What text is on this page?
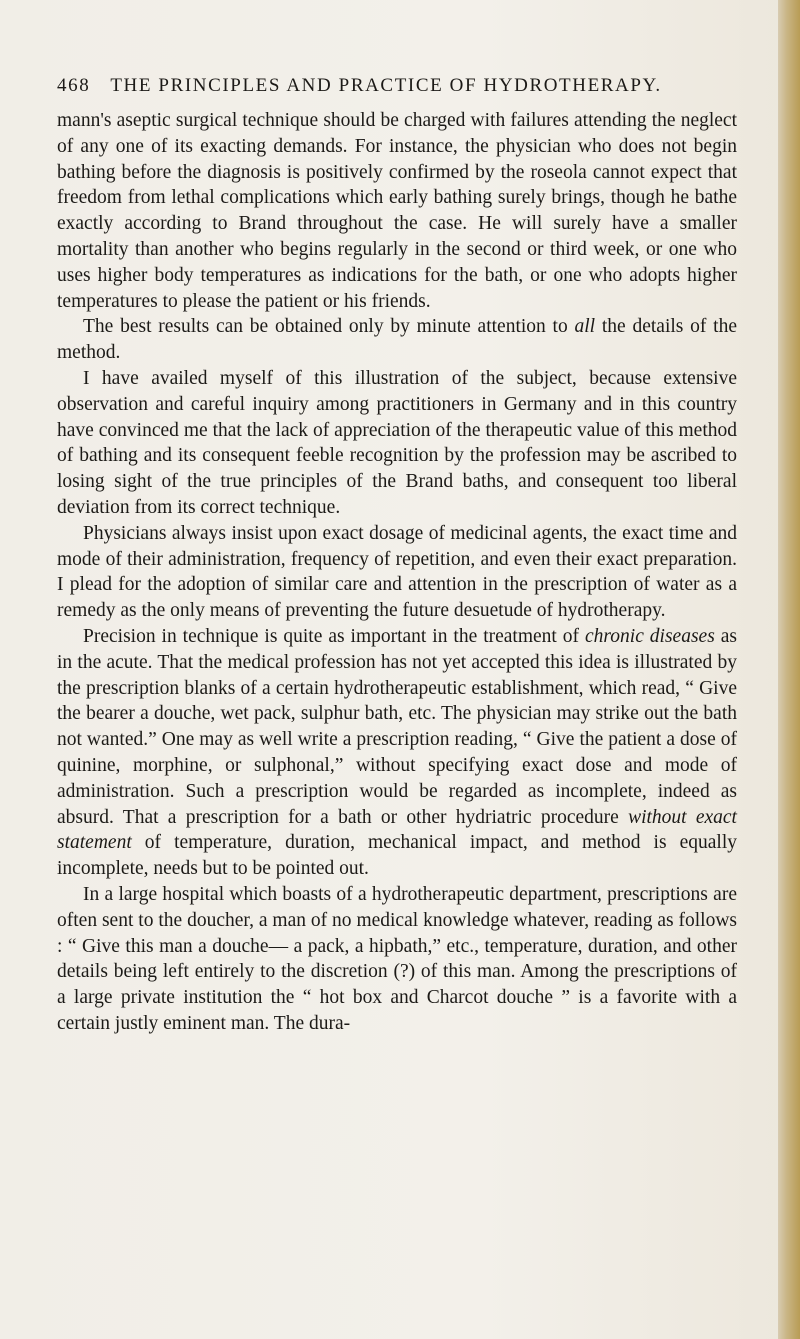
468 THE PRINCIPLES AND PRACTICE OF HYDROTHERAPY.

mann's aseptic surgical technique should be charged with failures attending the neglect of any one of its exacting demands. For instance, the physician who does not begin bathing before the diagnosis is positively confirmed by the roseola cannot expect that freedom from lethal complications which early bathing surely brings, though he bathe exactly according to Brand throughout the case. He will surely have a smaller mortality than another who begins regularly in the second or third week, or one who uses higher body temperatures as indications for the bath, or one who adopts higher temperatures to please the patient or his friends.

The best results can be obtained only by minute attention to all the details of the method.

I have availed myself of this illustration of the subject, because extensive observation and careful inquiry among practitioners in Germany and in this country have convinced me that the lack of appreciation of the therapeutic value of this method of bathing and its consequent feeble recognition by the profession may be ascribed to losing sight of the true principles of the Brand baths, and consequent too liberal deviation from its correct technique.

Physicians always insist upon exact dosage of medicinal agents, the exact time and mode of their administration, frequency of repetition, and even their exact preparation. I plead for the adoption of similar care and attention in the prescription of water as a remedy as the only means of preventing the future desuetude of hydrotherapy.

Precision in technique is quite as important in the treatment of chronic diseases as in the acute. That the medical profession has not yet accepted this idea is illustrated by the prescription blanks of a certain hydrotherapeutic establishment, which read, “ Give the bearer a douche, wet pack, sulphur bath, etc. The physician may strike out the bath not wanted.” One may as well write a prescription reading, “ Give the patient a dose of quinine, morphine, or sulphonal,” without specifying exact dose and mode of administration. Such a prescription would be regarded as incomplete, indeed as absurd. That a prescription for a bath or other hydriatric procedure without exact statement of temperature, duration, mechanical impact, and method is equally incomplete, needs but to be pointed out.

In a large hospital which boasts of a hydrotherapeutic department, prescriptions are often sent to the doucher, a man of no medical knowledge whatever, reading as follows : “ Give this man a douche— a pack, a hipbath,” etc., temperature, duration, and other details being left entirely to the discretion (?) of this man. Among the prescriptions of a large private institution the “ hot box and Charcot douche ” is a favorite with a certain justly eminent man. The dura-
